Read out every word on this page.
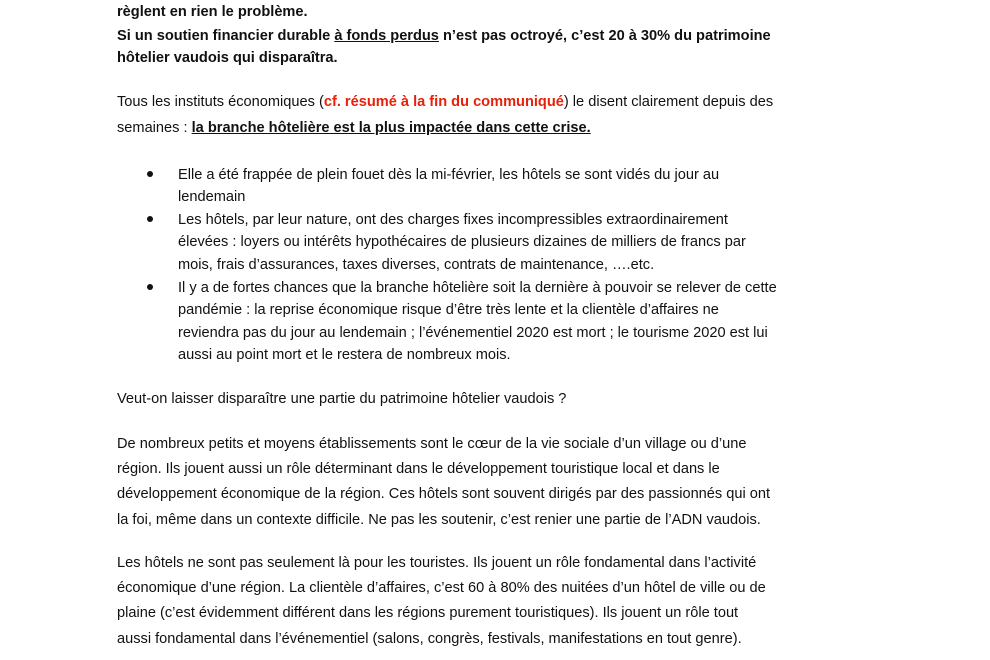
règlent en rien le problème.
Si un soutien financier durable à fonds perdus n’est pas octroyé, c’est 20 à 30% du patrimoine
hôtelier vaudois qui disparaîtra.
Tous les instituts économiques (cf. résumé à la fin du communiqué) le disent clairement depuis des
semaines : la branche hôtelière est la plus impactée dans cette crise.
Elle a été frappée de plein fouet dès la mi-février, les hôtels se sont vidés du jour au
lendemain
Les hôtels, par leur nature, ont des charges fixes incompressibles extraordinairement
élevées : loyers ou intérêts hypothécaires de plusieurs dizaines de milliers de francs par
mois, frais d’assurances, taxes diverses, contrats de maintenance, ….etc.
Il y a de fortes chances que la branche hôtelière soit la dernière à pouvoir se relever de cette
pandémie : la reprise économique risque d’être très lente et la clientèle d’affaires ne
reviendra pas du jour au lendemain ; l’événementiel 2020 est mort ; le tourisme 2020 est lui
aussi au point mort et le restera de nombreux mois.
Veut-on laisser disparaître une partie du patrimoine hôtelier vaudois ?
De nombreux petits et moyens établissements sont le cœur de la vie sociale d’un village ou d’une
région. Ils jouent aussi un rôle déterminant dans le développement touristique local et dans le
développement économique de la région. Ces hôtels sont souvent dirigés par des passionnés qui ont
la foi, même dans un contexte difficile. Ne pas les soutenir, c’est renier une partie de l’ADN vaudois.
Les hôtels ne sont pas seulement là pour les touristes. Ils jouent un rôle fondamental dans l’activité
économique d’une région. La clientèle d’affaires, c’est 60 à 80% des nuitées d’un hôtel de ville ou de
plaine (c’est évidemment différent dans les régions purement touristiques). Ils jouent un rôle tout
aussi fondamental dans l’événementiel (salons, congrès, festivals, manifestations en tout genre).
